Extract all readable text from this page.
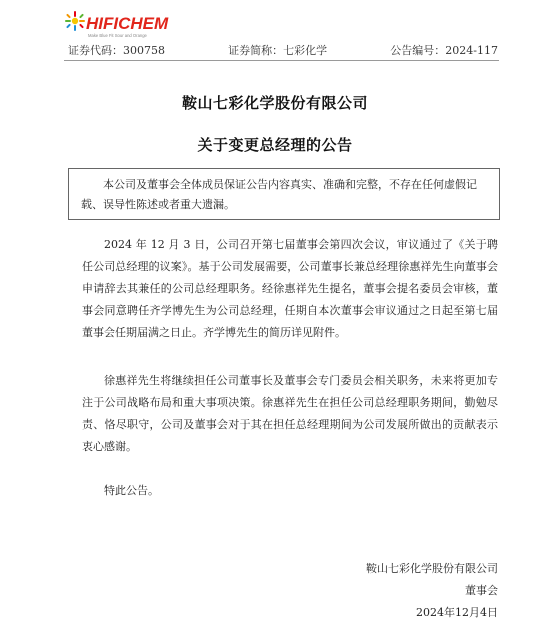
HIFICHEM
Make Blue Fit Sour and Orange
证券代码：300758	证券简称：七彩化学	公告编号：2024-117
鞍山七彩化学股份有限公司
关于变更总经理的公告
本公司及董事会全体成员保证公告内容真实、准确和完整，不存在任何虚假记载、误导性陈述或者重大遗漏。

2024 年 12 月 3 日，公司召开第七届董事会第四次会议，审议通过了《关于聘任公司总经理的议案》。基于公司发展需要，公司董事长兼总经理徐惠祥先生向董事会申请辞去其兼任的公司总经理职务。经徐惠祥先生提名，董事会提名委员会审核，董事会同意聘任齐学博先生为公司总经理，任期自本次董事会审议通过之日起至第七届董事会任期届满之日止。齐学博先生的简历详见附件。

徐惠祥先生将继续担任公司董事长及董事会专门委员会相关职务，未来将更加专注于公司战略布局和重大事项决策。徐惠祥先生在担任公司总经理职务期间，勤勉尽责、恪尽职守，公司及董事会对于其在担任总经理期间为公司发展所做出的贡献表示衷心感谢。

特此公告。

鞍山七彩化学股份有限公司
董事会
2024年12月4日
